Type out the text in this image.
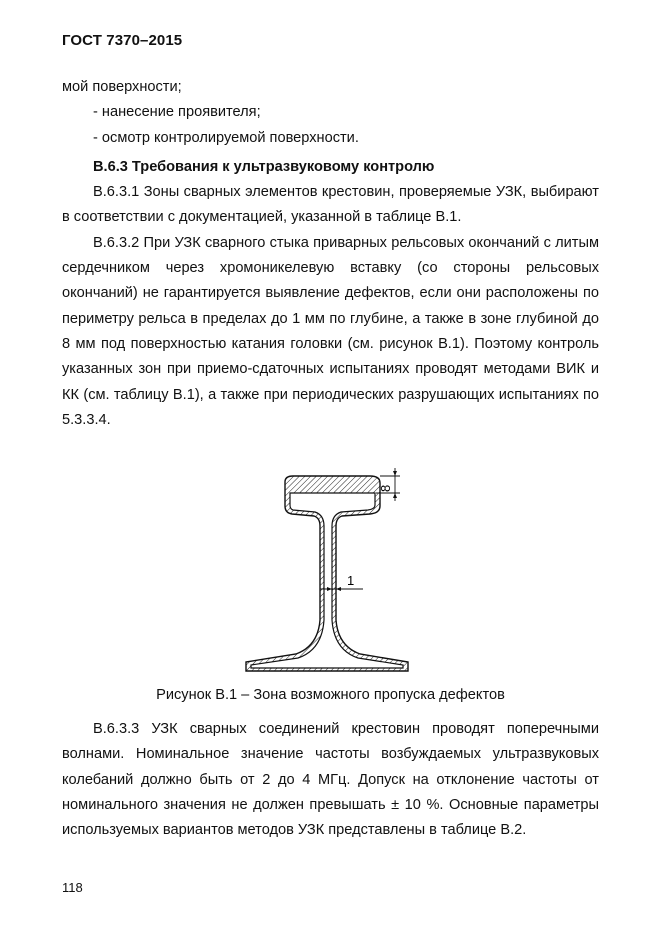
ГОСТ 7370–2015

мой поверхности;

- нанесение проявителя;

- осмотр контролируемой поверхности.

В.6.3 Требования к ультразвуковому контролю

В.6.3.1 Зоны сварных элементов крестовин, проверяемые УЗК, выбирают в соответствии с документацией, указанной в таблице В.1.

В.6.3.2 При УЗК сварного стыка приварных рельсовых окончаний с литым сердечником через хромоникелевую вставку (со стороны рельсовых окончаний) не гарантируется выявление дефектов, если они расположены по периметру рельса в пределах до 1 мм по глубине, а также в зоне глубиной до 8 мм под поверхностью катания головки (см. рисунок В.1). Поэтому контроль указанных зон при приемо-сдаточных испытаниях проводят методами ВИК и КК (см. таблицу В.1), а также при периодических разрушающих испытаниях по 5.3.3.4.

8
1
Рисунок В.1 – Зона возможного пропуска дефектов

В.6.3.3 УЗК сварных соединений крестовин проводят поперечными волнами. Номинальное значение частоты возбуждаемых ультразвуковых колебаний должно быть от 2 до 4 МГц. Допуск на отклонение частоты от номинального значения не должен превышать ± 10 %. Основные параметры используемых вариантов методов УЗК представлены в таблице В.2.

118
